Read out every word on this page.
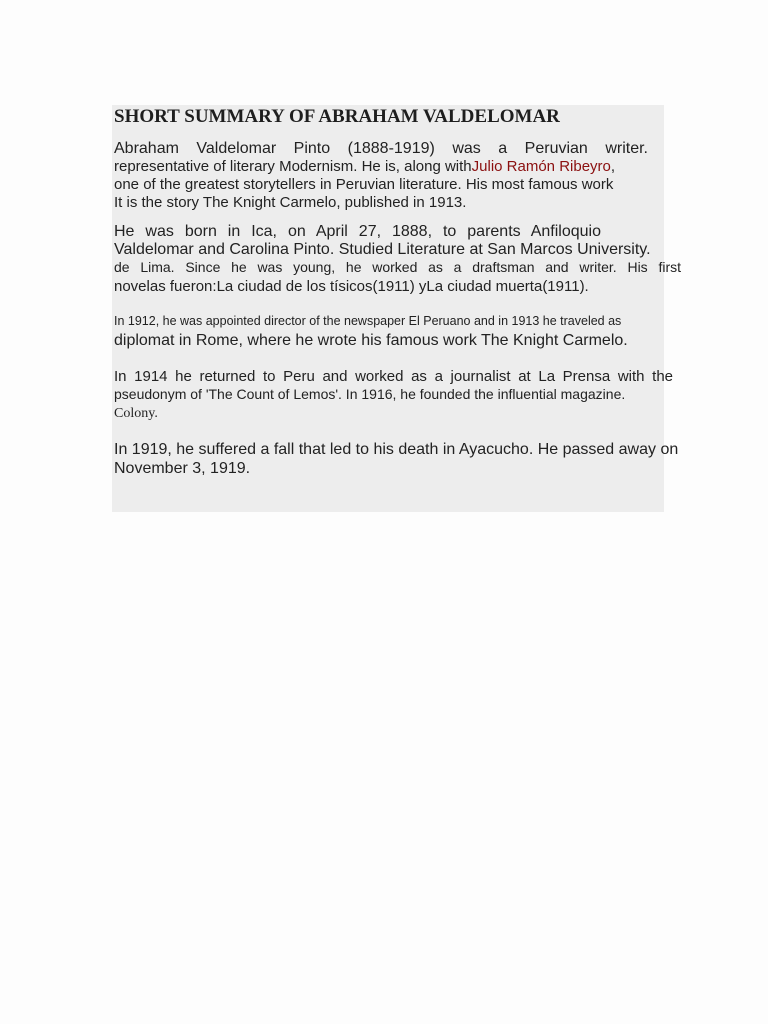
SHORT SUMMARY OF ABRAHAM VALDELOMAR
Abraham Valdelomar Pinto (1888-1919) was a Peruvian writer.
representative of literary Modernism. He is, along withJulio Ramón Ribeyro,
one of the greatest storytellers in Peruvian literature. His most famous work
It is the story The Knight Carmelo, published in 1913.
He was born in Ica, on April 27, 1888, to parents Anfiloquio
Valdelomar and Carolina Pinto. Studied Literature at San Marcos University.
de Lima. Since he was young, he worked as a draftsman and writer. His first
novelas fueron:La ciudad de los tísicos(1911) yLa ciudad muerta(1911).
In 1912, he was appointed director of the newspaper El Peruano and in 1913 he traveled as
diplomat in Rome, where he wrote his famous work The Knight Carmelo.
In 1914 he returned to Peru and worked as a journalist at La Prensa with the
pseudonym of 'The Count of Lemos'. In 1916, he founded the influential magazine.
Colony.
In 1919, he suffered a fall that led to his death in Ayacucho. He passed away on
November 3, 1919.
